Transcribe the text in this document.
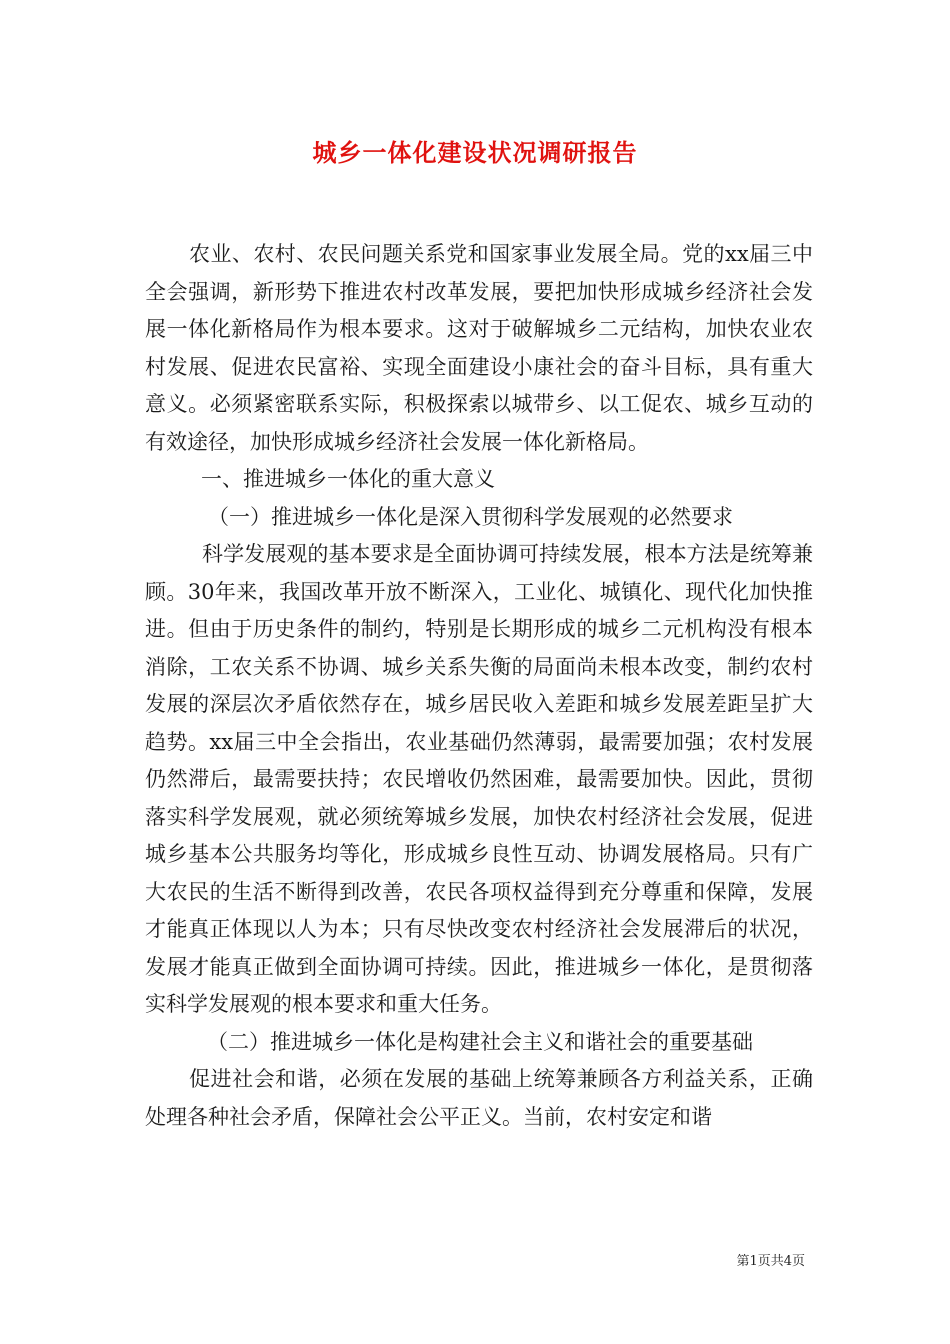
城乡一体化建设状况调研报告

农业、农村、农民问题关系党和国家事业发展全局。党的xx届三中全会强调，新形势下推进农村改革发展，要把加快形成城乡经济社会发展一体化新格局作为根本要求。这对于破解城乡二元结构，加快农业农村发展、促进农民富裕、实现全面建设小康社会的奋斗目标，具有重大意义。必须紧密联系实际，积极探索以城带乡、以工促农、城乡互动的有效途径，加快形成城乡经济社会发展一体化新格局。

一、推进城乡一体化的重大意义

（一）推进城乡一体化是深入贯彻科学发展观的必然要求

科学发展观的基本要求是全面协调可持续发展，根本方法是统筹兼顾。30年来，我国改革开放不断深入，工业化、城镇化、现代化加快推进。但由于历史条件的制约，特别是长期形成的城乡二元机构没有根本消除，工农关系不协调、城乡关系失衡的局面尚未根本改变，制约农村发展的深层次矛盾依然存在，城乡居民收入差距和城乡发展差距呈扩大趋势。xx届三中全会指出，农业基础仍然薄弱，最需要加强；农村发展仍然滞后，最需要扶持；农民增收仍然困难，最需要加快。因此，贯彻落实科学发展观，就必须统筹城乡发展，加快农村经济社会发展，促进城乡基本公共服务均等化，形成城乡良性互动、协调发展格局。只有广大农民的生活不断得到改善，农民各项权益得到充分尊重和保障，发展才能真正体现以人为本；只有尽快改变农村经济社会发展滞后的状况，发展才能真正做到全面协调可持续。因此，推进城乡一体化，是贯彻落实科学发展观的根本要求和重大任务。

（二）推进城乡一体化是构建社会主义和谐社会的重要基础

促进社会和谐，必须在发展的基础上统筹兼顾各方利益关系，正确处理各种社会矛盾，保障社会公平正义。当前，农村安定和谐

第1页共4页
